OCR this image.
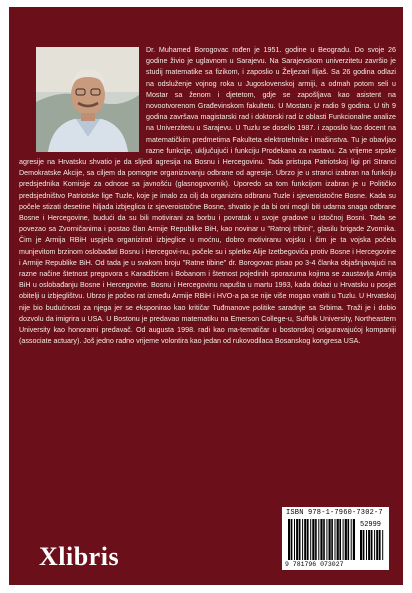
Dr. Muhamed Borogovac rođen je 1951. godine u Beogradu. Do svoje 26 godine živio je uglavnom u Sarajevu. Na Sarajevskom univerzitetu završio je studij matematike sa fizikom, i zaposlio u Željezari Ilijaš. Sa 26 godina odlazi na odsluženje vojnog roka u Jugoslovenskoj armiji, a odmah potom seli u Mostar sa ženom i djetetom, gdje se zapošljava kao asistent na novootvorenom Građevinskom fakultetu. U Mostaru je radio 9 godina. U tih 9 godina završava magistarski rad i doktorski rad iz oblasti Funkcionalne analize na Univerzitetu u Sarajevu. U Tuzlu se doselio 1987. i zaposlio kao docent na matematičkim predmetima Fakulteta elektrotehnike i mašinstva. Tu je obavljao razne funkcije, uključujući i funkciju Prodekana za nastavu. Za vrijeme srpske agresije na Hrvatsku shvatio je da slijedi agresija na Bosnu i Hercegovinu. Tada pristupa Patriotskoj ligi pri Stranci Demokratske Akcije, sa ciljem da pomogne organizovanju odbrane od agresije. Ubrzo je u stranci izabran na funkciju predsjednika Komisije za odnose sa javnošću (glasnogovornik). Uporedo sa tom funkcijom izabran je u Političko predsjedništvo Patriotske lige Tuzle, koje je imalo za cilj da organizira odbranu Tuzle i sjeveroistočne Bosne. Kada su počele stizati desetine hiljada izbjeglica iz sjeveroistočne Bosne, shvatio je da bi oni mogli biti udarna snaga odbrane Bosne i Hercegovine, budući da su bili motivirani za borbu i povratak u svoje gradove u istočnoj Bosni. Tada se povezao sa Zvorničanima i postao član Armije Republike BiH, kao novinar u "Ratnoj tribini", glasilu brigade Zvornika. Čim je Armija RBiH uspjela organizirati izbjeglice u moćnu, dobro motiviranu vojsku i čim je ta vojska počela munjevitom brzinom oslobađati Bosnu i Hercegovi-nu, počele su i spletke Alije Izetbegovića protiv Bosne i Hercegovine i Armije Republike BiH. Od tada je u svakom broju "Ratne tibine" dr. Borogovac pisao po 3-4 članka objašnjavajući na razne načine štetnost pregovora s Karadžićem i Bobanom i štetnost pojedinih sporazuma kojima se zaustavlja Armija BiH u oslobađanju Bosne i Hercegovine. Bosnu i Hercegovinu napušta u martu 1993, kada dolazi u Hrvatsku u posjet obitelji u izbjeglištvu. Ubrzo je počeo rat između Armije RBiH i HVO-a pa se nije više mogao vratiti u Tuzlu. U Hrvatskoj nije bio budućnosti za njega jer se eksponirao kao kritičar Tuđmanove politike saradnje sa Srbima. Traži je i dobio dozvolu da imigrira u USA. U Bostonu je predavao matematiku na Emerson College-u, Suffolk University, Northeastern University kao honorarni predavač. Od augusta 1998. radi kao ma-tematičar u bostonskoj osiguravajućoj kompaniji (associate actuary). Još jedno radno vrijeme volontira kao jedan od rukovodilaca Bosanskog kongresa USA.

Xlibris
ISBN 978-1-7960-7302-7
52999
9 781796 073027
